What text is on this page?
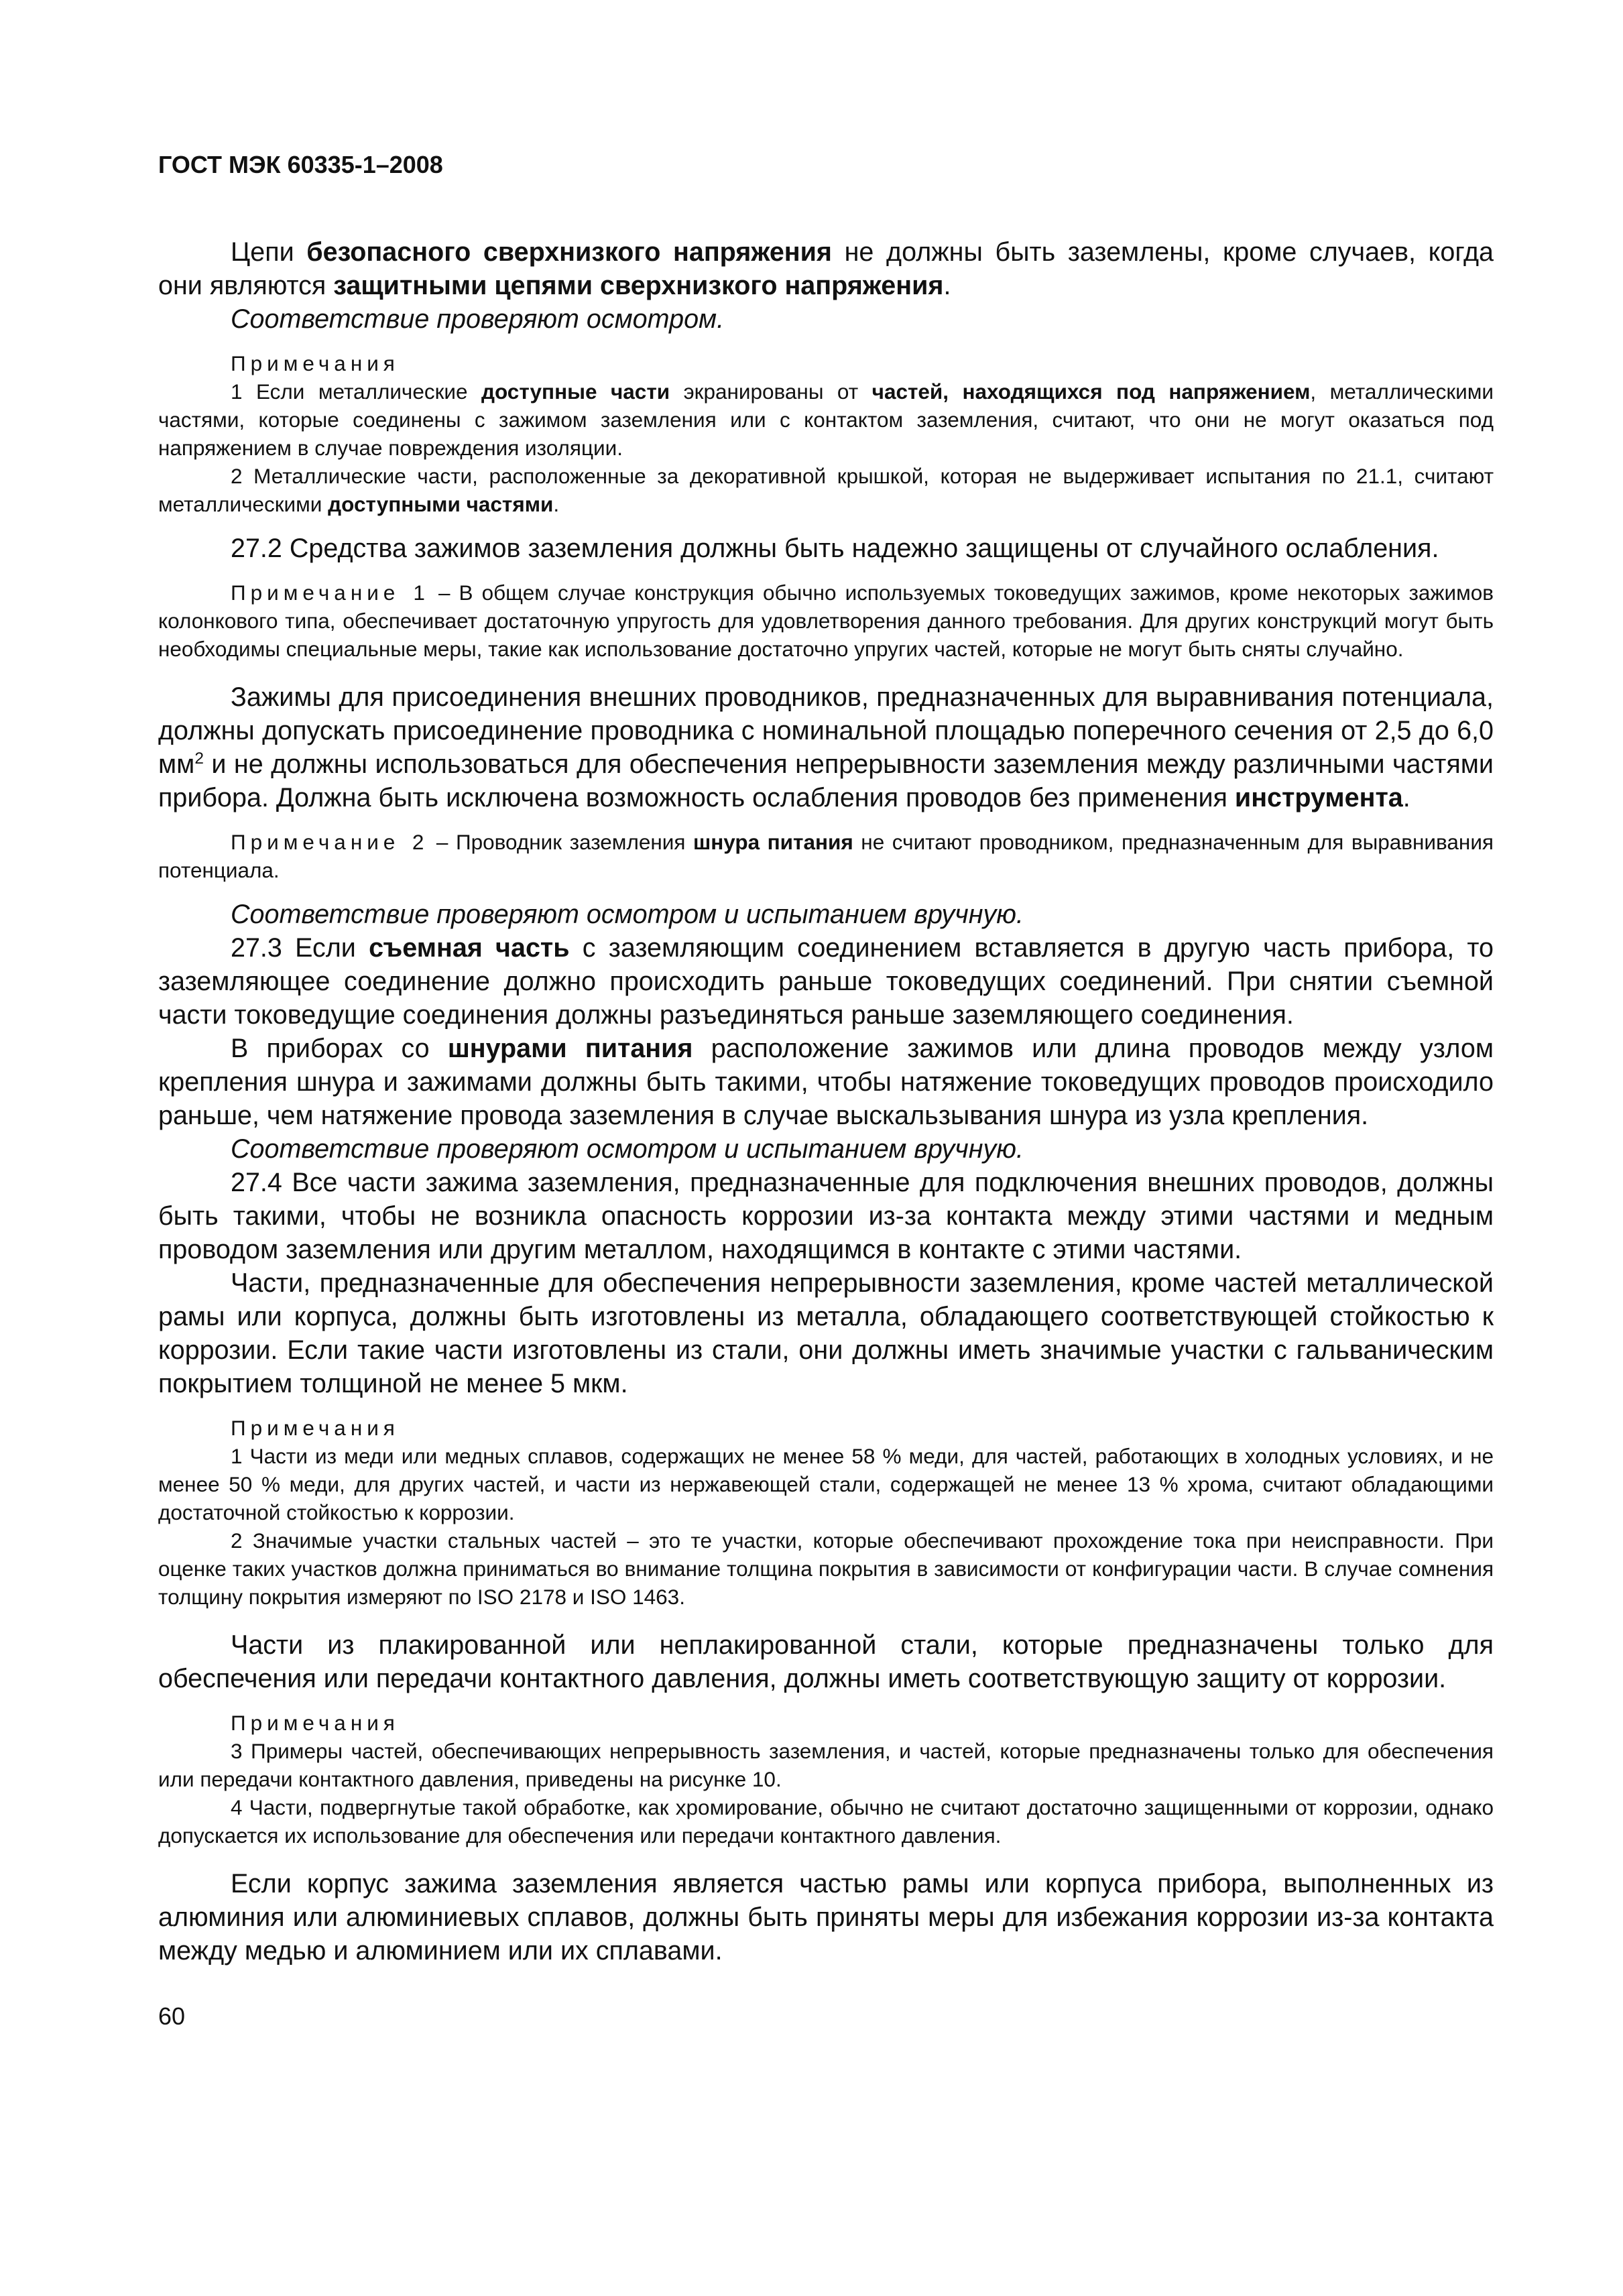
ГОСТ МЭК 60335-1–2008

Цепи безопасного сверхнизкого напряжения не должны быть заземлены, кроме случаев, когда они являются защитными цепями сверхнизкого напряжения.

Соответствие проверяют осмотром.

Примечания

1 Если металлические доступные части экранированы от частей, находящихся под напряжением, металлическими частями, которые соединены с зажимом заземления или с контактом заземления, считают, что они не могут оказаться под напряжением в случае повреждения изоляции.

2 Металлические части, расположенные за декоративной крышкой, которая не выдерживает испытания по 21.1, считают металлическими доступными частями.

27.2 Средства зажимов заземления должны быть надежно защищены от случайного ослабления.

Примечание 1 – В общем случае конструкция обычно используемых токоведущих зажимов, кроме некоторых зажимов колонкового типа, обеспечивает достаточную упругость для удовлетворения данного требования. Для других конструкций могут быть необходимы специальные меры, такие как использование достаточно упругих частей, которые не могут быть сняты случайно.

Зажимы для присоединения внешних проводников, предназначенных для выравнивания потенциала, должны допускать присоединение проводника с номинальной площадью поперечного сечения от 2,5 до 6,0 $мм^2$ и не должны использоваться для обеспечения непрерывности заземления между различными частями прибора. Должна быть исключена возможность ослабления проводов без применения инструмента.

Примечание 2 – Проводник заземления шнура питания не считают проводником, предназначенным для выравнивания потенциала.

Соответствие проверяют осмотром и испытанием вручную.

27.3 Если съемная часть с заземляющим соединением вставляется в другую часть прибора, то заземляющее соединение должно происходить раньше токоведущих соединений. При снятии съемной части токоведущие соединения должны разъединяться раньше заземляющего соединения.

В приборах со шнурами питания расположение зажимов или длина проводов между узлом крепления шнура и зажимами должны быть такими, чтобы натяжение токоведущих проводов происходило раньше, чем натяжение провода заземления в случае выскальзывания шнура из узла крепления.

Соответствие проверяют осмотром и испытанием вручную.

27.4 Все части зажима заземления, предназначенные для подключения внешних проводов, должны быть такими, чтобы не возникла опасность коррозии из-за контакта между этими частями и медным проводом заземления или другим металлом, находящимся в контакте с этими частями.

Части, предназначенные для обеспечения непрерывности заземления, кроме частей металлической рамы или корпуса, должны быть изготовлены из металла, обладающего соответствующей стойкостью к коррозии. Если такие части изготовлены из стали, они должны иметь значимые участки с гальваническим покрытием толщиной не менее 5 мкм.

Примечания

1 Части из меди или медных сплавов, содержащих не менее 58 % меди, для частей, работающих в холодных условиях, и не менее 50 % меди, для других частей, и части из нержавеющей стали, содержащей не менее 13 % хрома, считают обладающими достаточной стойкостью к коррозии.

2 Значимые участки стальных частей – это те участки, которые обеспечивают прохождение тока при неисправности. При оценке таких участков должна приниматься во внимание толщина покрытия в зависимости от конфигурации части. В случае сомнения толщину покрытия измеряют по ISO 2178 и ISO 1463.

Части из плакированной или неплакированной стали, которые предназначены только для обеспечения или передачи контактного давления, должны иметь соответствующую защиту от коррозии.

Примечания

3 Примеры частей, обеспечивающих непрерывность заземления, и частей, которые предназначены только для обеспечения или передачи контактного давления, приведены на рисунке 10.

4 Части, подвергнутые такой обработке, как хромирование, обычно не считают достаточно защищенными от коррозии, однако допускается их использование для обеспечения или передачи контактного давления.

Если корпус зажима заземления является частью рамы или корпуса прибора, выполненных из алюминия или алюминиевых сплавов, должны быть приняты меры для избежания коррозии из-за контакта между медью и алюминием или их сплавами.

60
